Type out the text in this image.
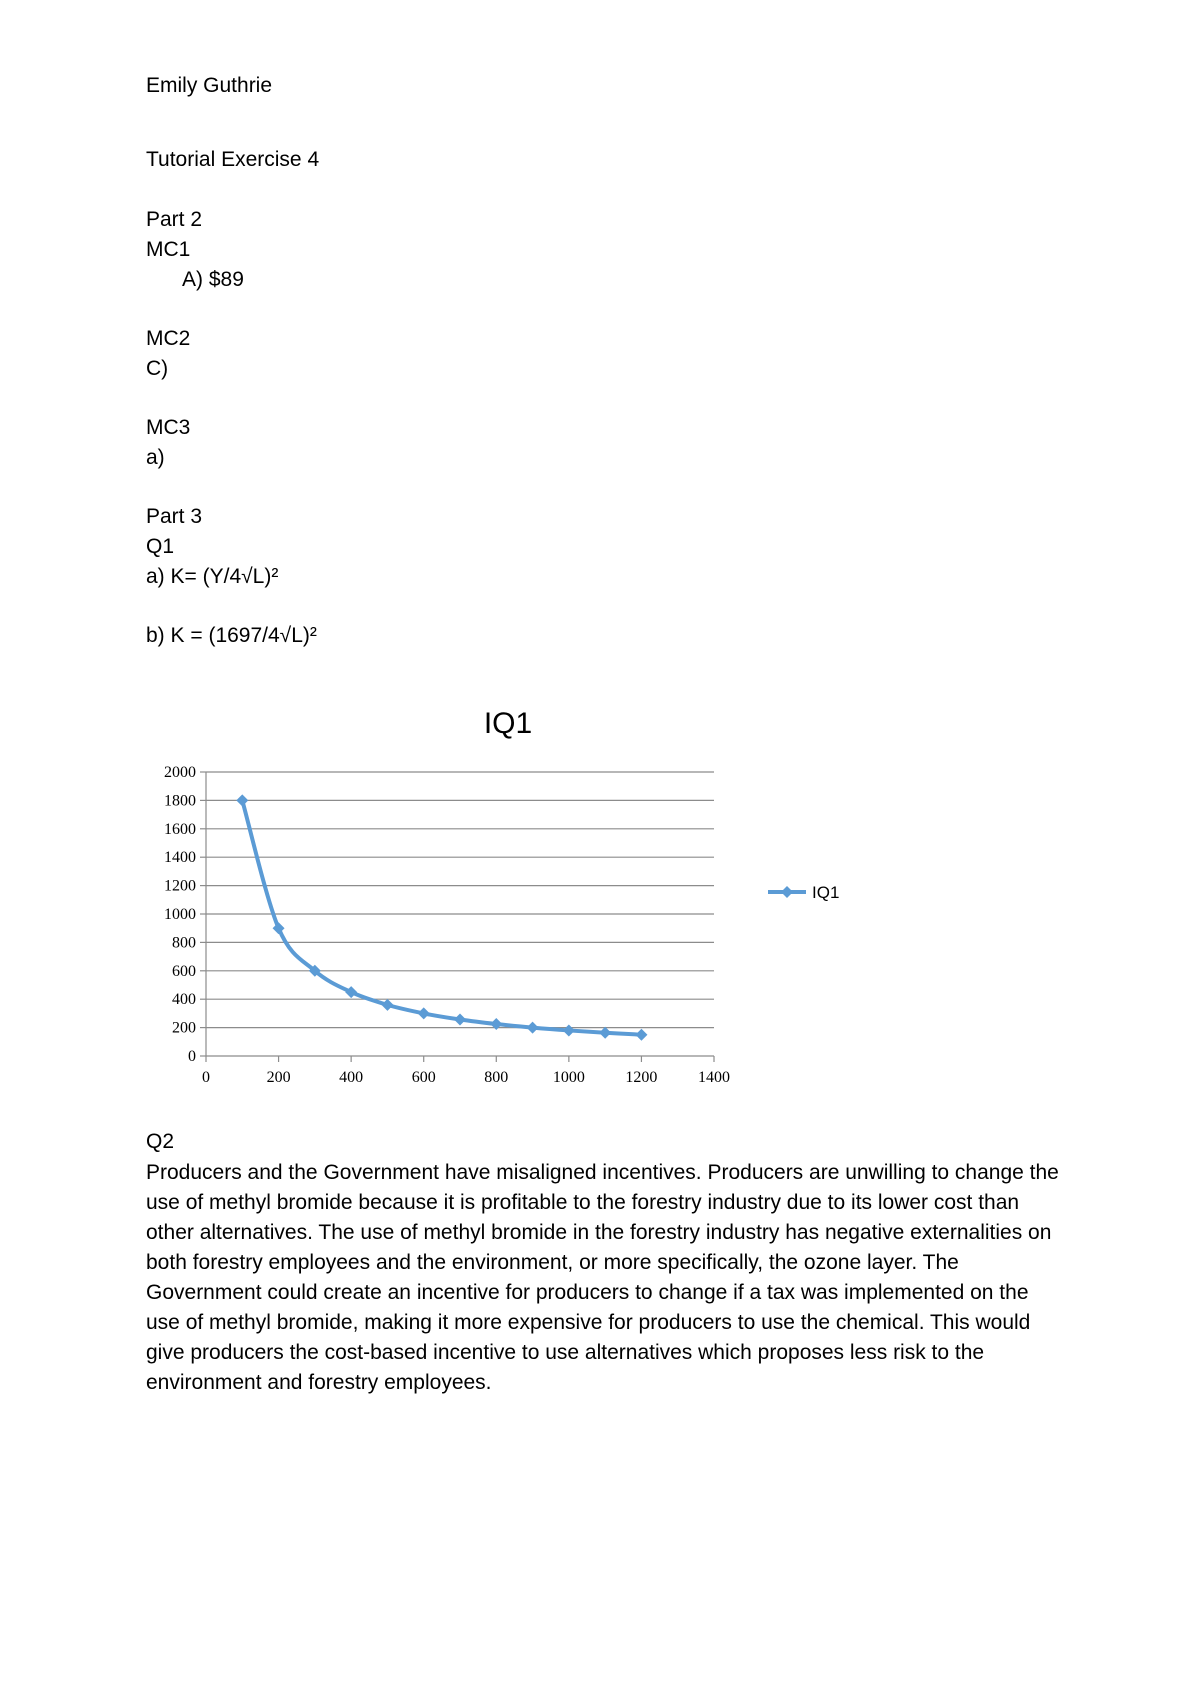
Emily Guthrie
Tutorial Exercise 4
Part 2
MC1
A) $89
MC2
C)
MC3
a)
Part 3
Q1
a) K= (Y/4√L)²
b) K = (1697/4√L)²
IQ1
0
200
400
600
800
1000
1200
1400
1600
1800
2000
0	200	400	600	800	1000	1200	1400
IQ1
Q2
Producers and the Government have misaligned incentives. Producers are unwilling to change the use of methyl bromide because it is profitable to the forestry industry due to its lower cost than other alternatives. The use of methyl bromide in the forestry industry has negative externalities on both forestry employees and the environment, or more specifically, the ozone layer. The Government could create an incentive for producers to change if a tax was implemented on the use of methyl bromide, making it more expensive for producers to use the chemical. This would give producers the cost-based incentive to use alternatives which proposes less risk to the environment and forestry employees.
